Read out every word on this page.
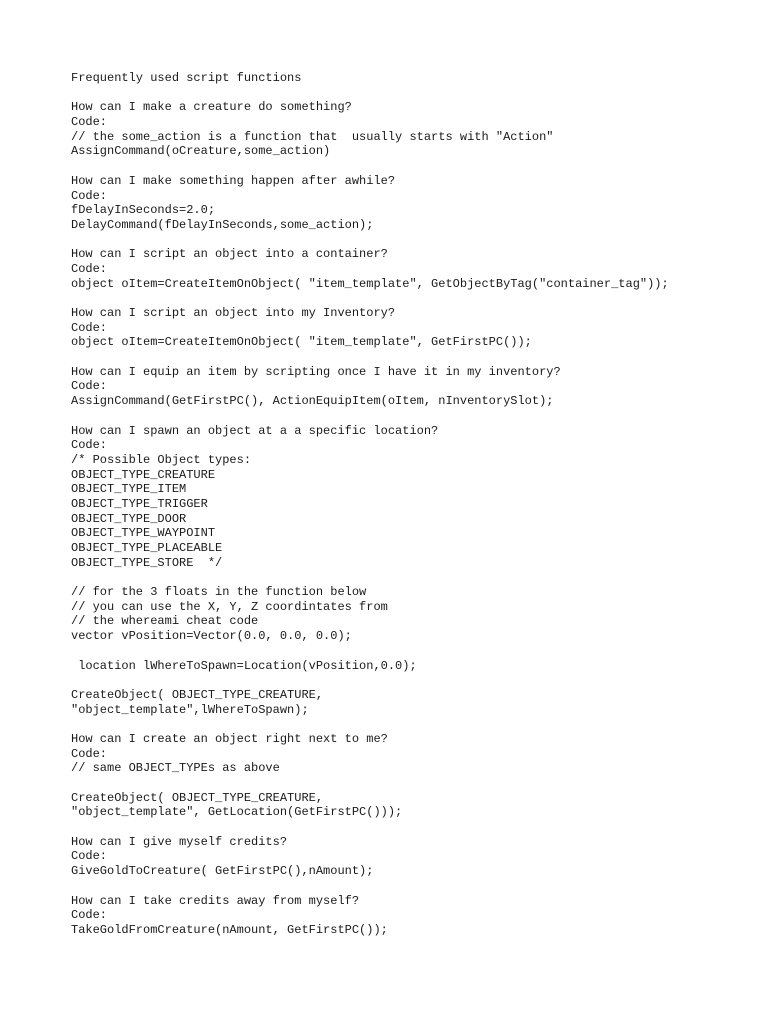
Frequently used script functions
How can I make a creature do something?
Code:
// the some_action is a function that  usually starts with "Action"
AssignCommand(oCreature,some_action)
How can I make something happen after awhile?
Code:
fDelayInSeconds=2.0;
DelayCommand(fDelayInSeconds,some_action);
How can I script an object into a container?
Code:
object oItem=CreateItemOnObject( "item_template", GetObjectByTag("container_tag"));
How can I script an object into my Inventory?
Code:
object oItem=CreateItemOnObject( "item_template", GetFirstPC());
How can I equip an item by scripting once I have it in my inventory?
Code:
AssignCommand(GetFirstPC(), ActionEquipItem(oItem, nInventorySlot);
How can I spawn an object at a a specific location?
Code:
/* Possible Object types:
OBJECT_TYPE_CREATURE
OBJECT_TYPE_ITEM
OBJECT_TYPE_TRIGGER
OBJECT_TYPE_DOOR
OBJECT_TYPE_WAYPOINT
OBJECT_TYPE_PLACEABLE
OBJECT_TYPE_STORE  */
// for the 3 floats in the function below
// you can use the X, Y, Z coordintates from
// the whereami cheat code
vector vPosition=Vector(0.0, 0.0, 0.0);
location lWhereToSpawn=Location(vPosition,0.0);
CreateObject( OBJECT_TYPE_CREATURE,
"object_template",lWhereToSpawn);
How can I create an object right next to me?
Code:
// same OBJECT_TYPEs as above
CreateObject( OBJECT_TYPE_CREATURE,
"object_template", GetLocation(GetFirstPC()));
How can I give myself credits?
Code:
GiveGoldToCreature( GetFirstPC(),nAmount);
How can I take credits away from myself?
Code:
TakeGoldFromCreature(nAmount, GetFirstPC());
